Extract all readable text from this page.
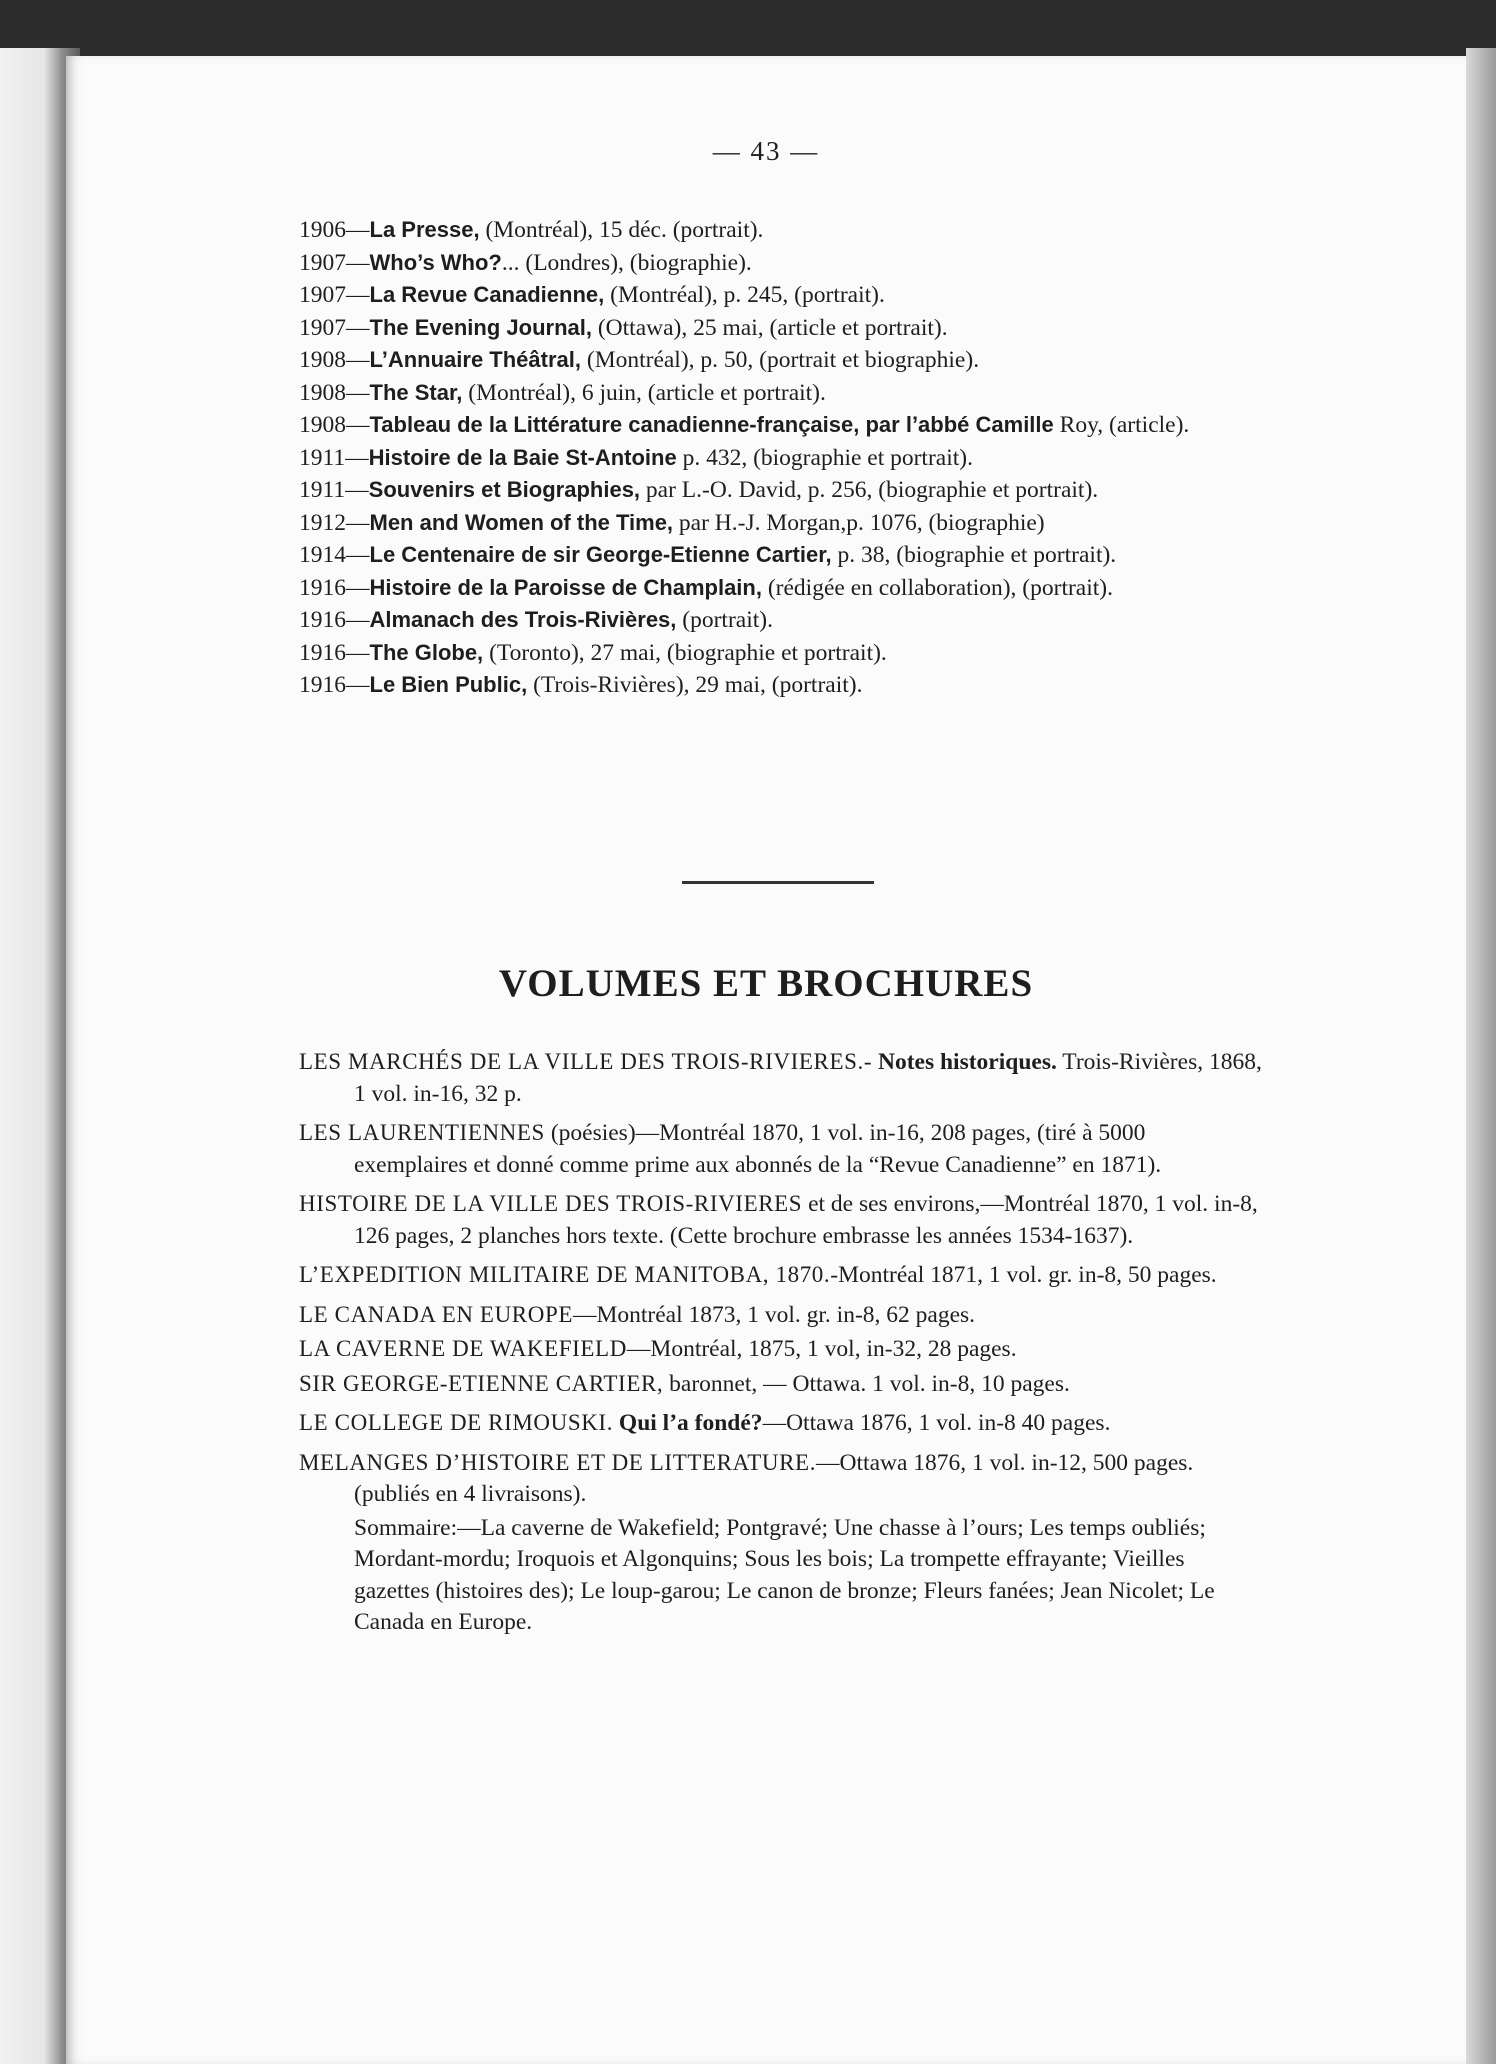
— 43 —

1906—La Presse, (Montréal), 15 déc. (portrait).

1907—Who’s Who?... (Londres), (biographie).

1907—La Revue Canadienne, (Montréal), p. 245, (portrait).

1907—The Evening Journal, (Ottawa), 25 mai, (article et portrait).

1908—L’Annuaire Théâtral, (Montréal), p. 50, (portrait et biographie).

1908—The Star, (Montréal), 6 juin, (article et portrait).

1908—Tableau de la Littérature canadienne-française, par l’abbé Camille Roy, (article).

1911—Histoire de la Baie St-Antoine p. 432, (biographie et portrait).

1911—Souvenirs et Biographies, par L.-O. David, p. 256, (biographie et portrait).

1912—Men and Women of the Time, par H.-J. Morgan,p. 1076, (biographie)

1914—Le Centenaire de sir George-Etienne Cartier, p. 38, (biographie et portrait).

1916—Histoire de la Paroisse de Champlain, (rédigée en collaboration), (portrait).

1916—Almanach des Trois-Rivières, (portrait).

1916—The Globe, (Toronto), 27 mai, (biographie et portrait).

1916—Le Bien Public, (Trois-Rivières), 29 mai, (portrait).

VOLUMES ET BROCHURES

LES MARCHÉS DE LA VILLE DES TROIS-RIVIERES.- Notes historiques. Trois-Rivières, 1868, 1 vol. in-16, 32 p.

LES LAURENTIENNES (poésies)—Montréal 1870, 1 vol. in-16, 208 pages, (tiré à 5000 exemplaires et donné comme prime aux abonnés de la “Revue Canadienne” en 1871).

HISTOIRE DE LA VILLE DES TROIS-RIVIERES et de ses environs,—Montréal 1870, 1 vol. in-8, 126 pages, 2 planches hors texte. (Cette brochure embrasse les années 1534-1637).

L’EXPEDITION MILITAIRE DE MANITOBA, 1870.-Montréal 1871, 1 vol. gr. in-8, 50 pages.

LE CANADA EN EUROPE—Montréal 1873, 1 vol. gr. in-8, 62 pages.

LA CAVERNE DE WAKEFIELD—Montréal, 1875, 1 vol, in-32, 28 pages.

SIR GEORGE-ETIENNE CARTIER, baronnet, — Ottawa. 1 vol. in-8, 10 pages.

LE COLLEGE DE RIMOUSKI. Qui l’a fondé?—Ottawa 1876, 1 vol. in-8 40 pages.

MELANGES D’HISTOIRE ET DE LITTERATURE.—Ottawa 1876, 1 vol. in-12, 500 pages. (publiés en 4 livraisons).

Sommaire:—La caverne de Wakefield; Pontgravé; Une chasse à l’ours; Les temps oubliés; Mordant-mordu; Iroquois et Algonquins; Sous les bois; La trompette effrayante; Vieilles gazettes (histoires des); Le loup-garou; Le canon de bronze; Fleurs fanées; Jean Nicolet; Le Canada en Europe.
